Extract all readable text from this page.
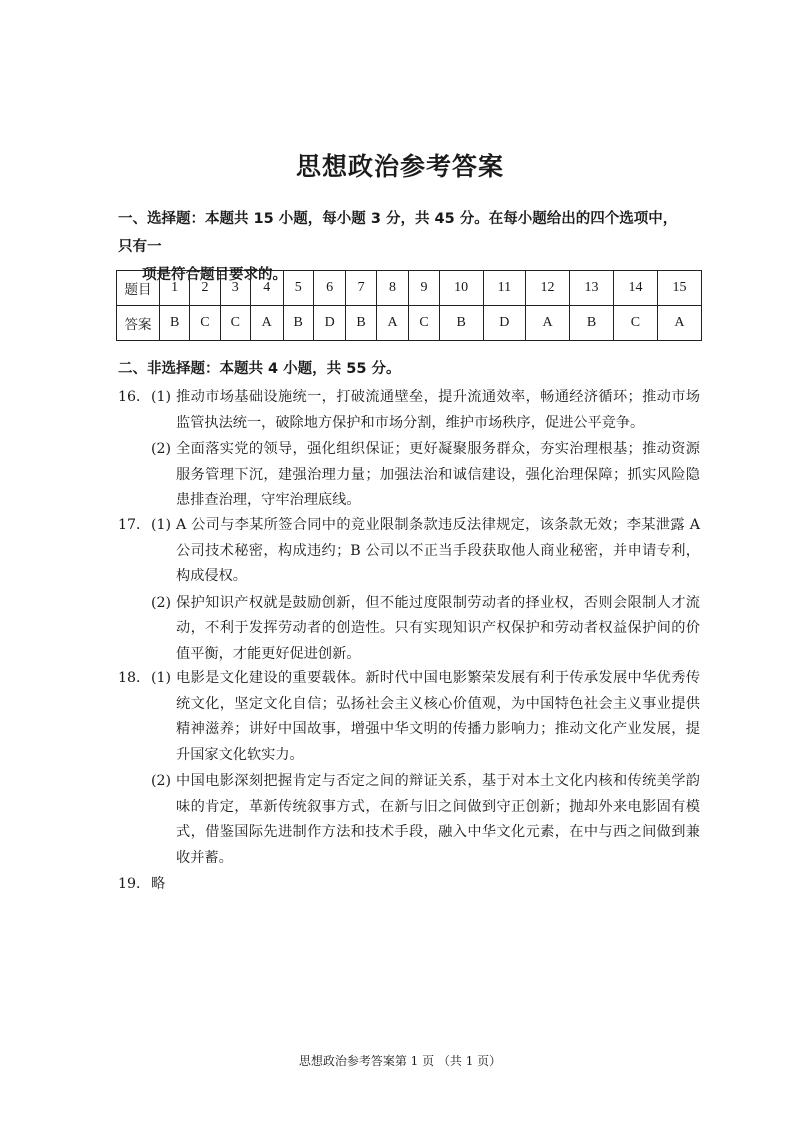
思想政治参考答案
一、选择题：本题共 15 小题，每小题 3 分，共 45 分。在每小题给出的四个选项中，只有一
项是符合题目要求的。
题目	1	2	3	4	5	6	7	8	9	10	11	12	13	14	15
答案	B	C	C	A	B	D	B	A	C	B	D	A	B	C	A
二、非选择题：本题共 4 小题，共 55 分。
16． (1) 推动市场基础设施统一，打破流通壁垒，提升流通效率，畅通经济循环；推动市场监管执法统一，破除地方保护和市场分割，维护市场秩序，促进公平竞争。
(2) 全面落实党的领导，强化组织保证；更好凝聚服务群众，夯实治理根基；推动资源服务管理下沉，建强治理力量；加强法治和诚信建设，强化治理保障；抓实风险隐患排查治理，守牢治理底线。
17． (1) A 公司与李某所签合同中的竞业限制条款违反法律规定，该条款无效；李某泄露 A 公司技术秘密，构成违约；B 公司以不正当手段获取他人商业秘密，并申请专利，构成侵权。
(2) 保护知识产权就是鼓励创新，但不能过度限制劳动者的择业权，否则会限制人才流动，不利于发挥劳动者的创造性。只有实现知识产权保护和劳动者权益保护间的价值平衡，才能更好促进创新。
18． (1) 电影是文化建设的重要载体。新时代中国电影繁荣发展有利于传承发展中华优秀传统文化，坚定文化自信；弘扬社会主义核心价值观，为中国特色社会主义事业提供精神滋养；讲好中国故事，增强中华文明的传播力影响力；推动文化产业发展，提升国家文化软实力。
(2) 中国电影深刻把握肯定与否定之间的辩证关系，基于对本土文化内核和传统美学韵味的肯定，革新传统叙事方式，在新与旧之间做到守正创新；抛却外来电影固有模式，借鉴国际先进制作方法和技术手段，融入中华文化元素，在中与西之间做到兼收并蓄。
19． 略
思想政治参考答案第 1 页 （共 1 页）
